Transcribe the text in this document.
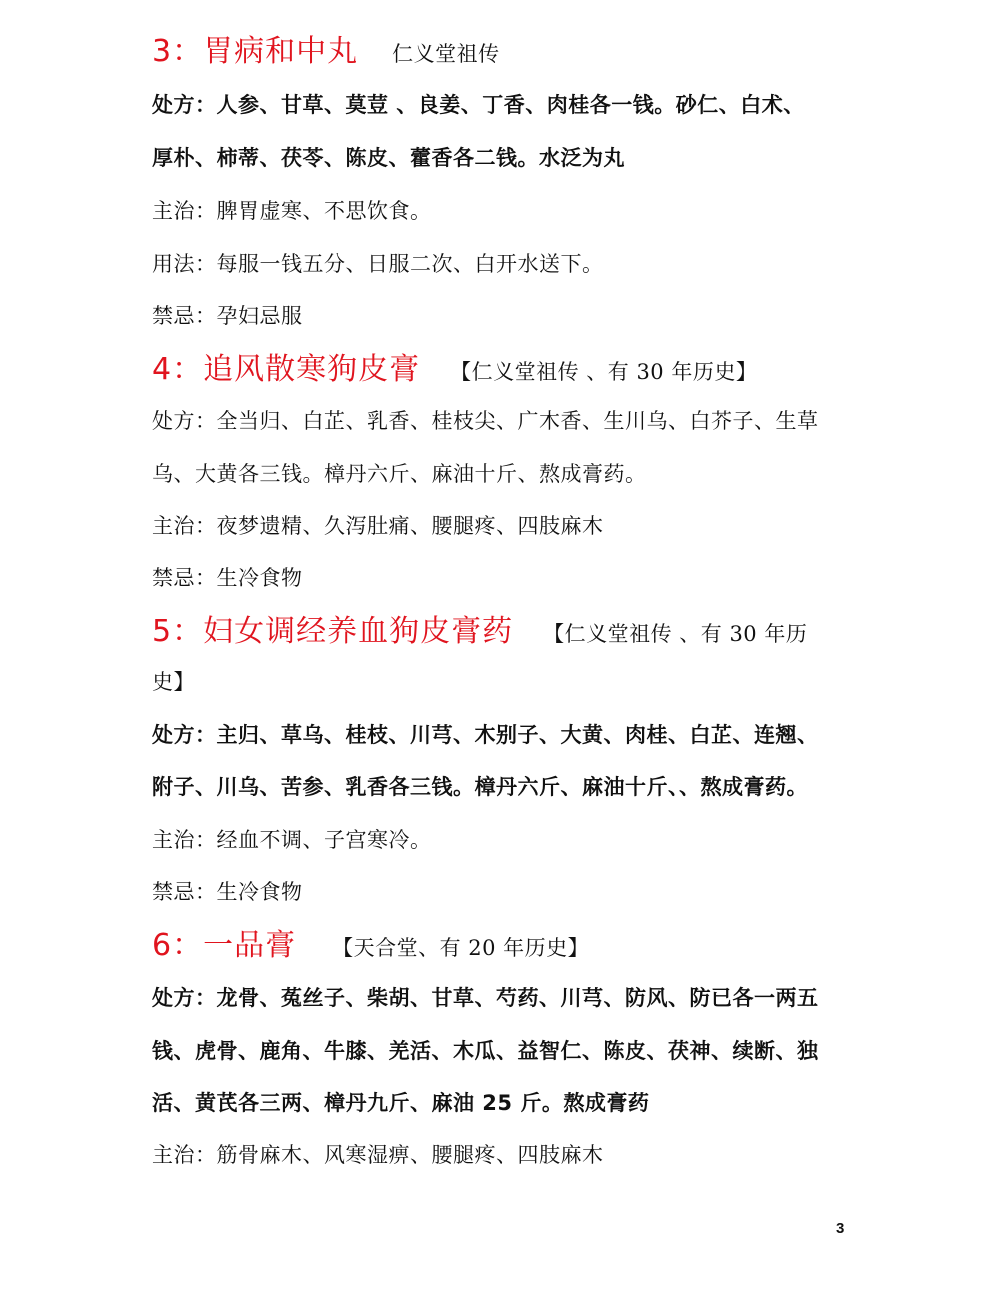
3：胃病和中丸 仁义堂祖传
处方：人参、甘草、莫荳 、良姜、丁香、肉桂各一钱。砂仁、白术、
厚朴、柿蒂、茯苓、陈皮、藿香各二钱。水泛为丸
主治：脾胃虚寒、不思饮食。
用法：每服一钱五分、日服二次、白开水送下。
禁忌：孕妇忌服
4：追风散寒狗皮膏 【仁义堂祖传 、有 30 年历史】
处方：全当归、白芷、乳香、桂枝尖、广木香、生川乌、白芥子、生草
乌、大黄各三钱。樟丹六斤、麻油十斤、熬成膏药。
主治：夜梦遗精、久泻肚痛、腰腿疼、四肢麻木
禁忌：生冷食物
5：妇女调经养血狗皮膏药 【仁义堂祖传 、有 30 年历
史】
处方：主归、草乌、桂枝、川芎、木别子、大黄、肉桂、白芷、连翘、
附子、川乌、苦参、乳香各三钱。樟丹六斤、麻油十斤、、熬成膏药。
主治：经血不调、子宫寒冷。
禁忌：生冷食物
6：一品膏 【天合堂、有 20 年历史】
处方：龙骨、菟丝子、柴胡、甘草、芍药、川芎、防风、防已各一两五
钱、虎骨、鹿角、牛膝、羌活、木瓜、益智仁、陈皮、茯神、续断、独
活、黄芪各三两、樟丹九斤、麻油 25 斤。熬成膏药
主治：筋骨麻木、风寒湿痹、腰腿疼、四肢麻木
3
